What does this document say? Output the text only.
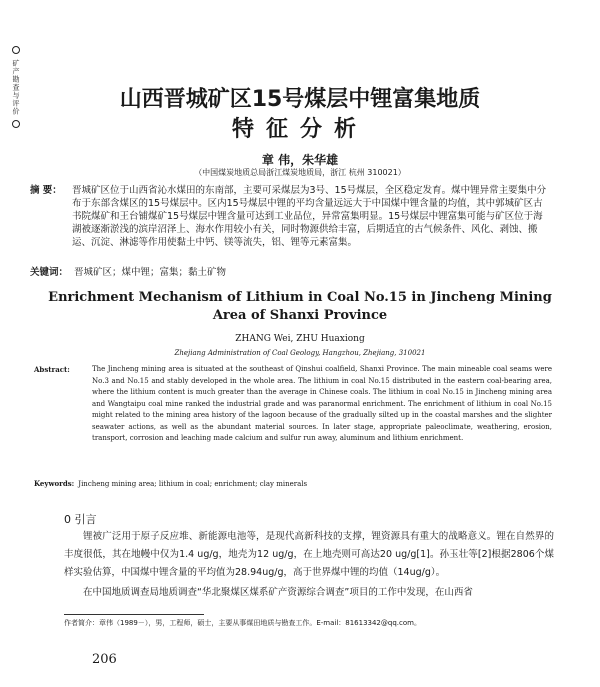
矿产勘查与评价	山西晋城矿区15号煤层中锂富集地质
特征分析
章 伟，朱华雄
（中国煤炭地质总局浙江煤炭地质局，浙江 杭州 310021）
摘 要： 晋城矿区位于山西省沁水煤田的东南部，主要可采煤层为3号、15号煤层，全区稳定发育。煤中锂异常主要集中分布于东部含煤区的15号煤层中。区内15号煤层中锂的平均含量远远大于中国煤中锂含量的均值，其中郭城矿区古书院煤矿和王台铺煤矿15号煤层中锂含量可达到工业品位，异常富集明显。15号煤层中锂富集可能与矿区位于海湖被逐渐淤浅的滨岸沼泽上、海水作用较小有关，同时物源供给丰富，后期适宜的古气候条件、风化、剥蚀、搬运、沉淀、淋滤等作用使黏土中钙、镁等流失，铝、锂等元素富集。
关键词： 晋城矿区；煤中锂；富集；黏土矿物
Enrichment Mechanism of Lithium in Coal No.15 in Jincheng Mining Area of Shanxi Province
ZHANG Wei, ZHU Huaxiong
Zhejiang Administration of Coal Geology, Hangzhou, Zhejiang, 310021
Abstract:	The Jincheng mining area is situated at the southeast of Qinshui coalfield, Shanxi Province. The main mineable coal seams were No.3 and No.15 and stably developed in the whole area. The lithium in coal No.15 distributed in the eastern coal-bearing area, where the lithium content is much greater than the average in Chinese coals. The lithium in coal No.15 in Jincheng mining area and Wangtaipu coal mine ranked the industrial grade and was paranormal enrichment. The enrichment of lithium in coal No.15 might related to the mining area history of the lagoon because of the gradually silted up in the coastal marshes and the slighter seawater actions, as well as the abundant material sources. In later stage, appropriate paleoclimate, weathering, erosion, transport, corrosion and leaching made calcium and sulfur run away, aluminum and lithium enrichment.
Keywords: Jincheng mining area; lithium in coal; enrichment; clay minerals
0 引言

锂被广泛用于原子反应堆、新能源电池等，是现代高新科技的支撑，锂资源具有重大的战略意义。锂在自然界的丰度很低，其在地幔中仅为1.4 ug/g，地壳为12 ug/g，在上地壳则可高达20 ug/g[1]。孙玉壮等[2]根据2806个煤样实验估算，中国煤中锂含量的平均值为28.94ug/g，高于世界煤中锂的均值（14ug/g）。

在中国地质调查局地质调查“华北聚煤区煤系矿产资源综合调查”项目的工作中发现，在山西省

作者简介：章伟（1989－），男，工程师，硕士，主要从事煤田地质与勘查工作。E-mail：81613342@qq.com。
206
